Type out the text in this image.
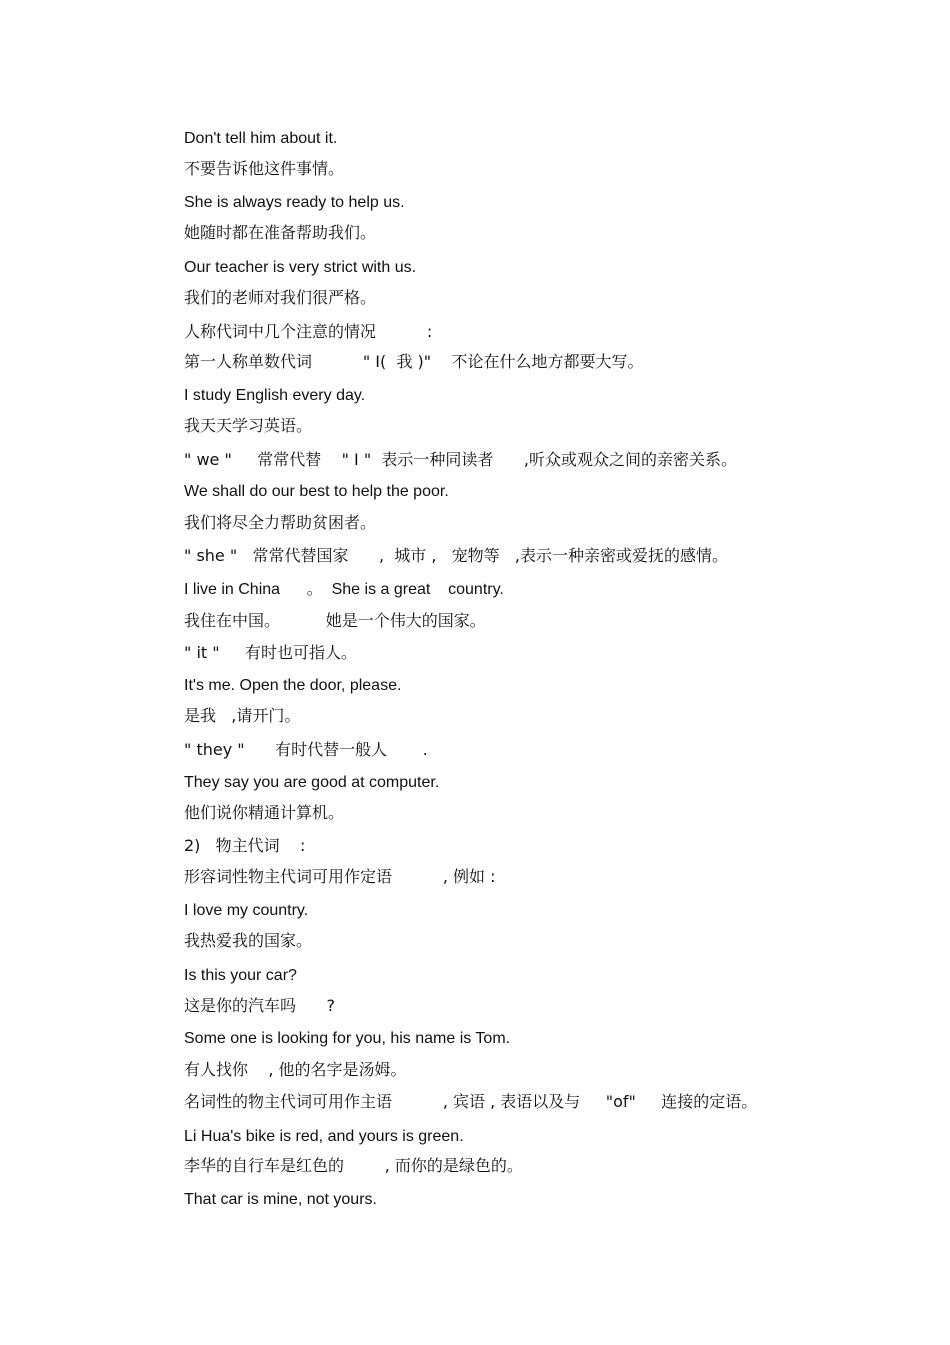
Don't tell him about it.

不要告诉他这件事情。

She is always ready to help us.

她随时都在准备帮助我们。

Our teacher is very strict with us.

我们的老师对我们很严格。

人称代词中几个注意的情况          :

第一人称单数代词          " I(  我 )"    不论在什么地方都要大写。

I study English every day.

我天天学习英语。

" we "     常常代替    " I "  表示一种同读者      ,听众或观众之间的亲密关系。

We shall do our best to help the poor.

我们将尽全力帮助贫困者。

" she "   常常代替国家      ,  城市 ,   宠物等   ,表示一种亲密或爱抚的感情。

I live in China      。  She is a great    country.

我住在中国。         她是一个伟大的国家。

" it "     有时也可指人。

It's me. Open the door, please.

是我   ,请开门。

" they "      有时代替一般人       .

They say you are good at computer.

他们说你精通计算机。

2)   物主代词    :

形容词性物主代词可用作定语          , 例如 :

I love my country.

我热爱我的国家。

Is this your car?

这是你的汽车吗      ?

Some one is looking for you, his name is Tom.

有人找你    , 他的名字是汤姆。

名词性的物主代词可用作主语          , 宾语 , 表语以及与     "of"     连接的定语。

Li Hua's bike is red, and yours is green.

李华的自行车是红色的        , 而你的是绿色的。

That car is mine, not yours.
